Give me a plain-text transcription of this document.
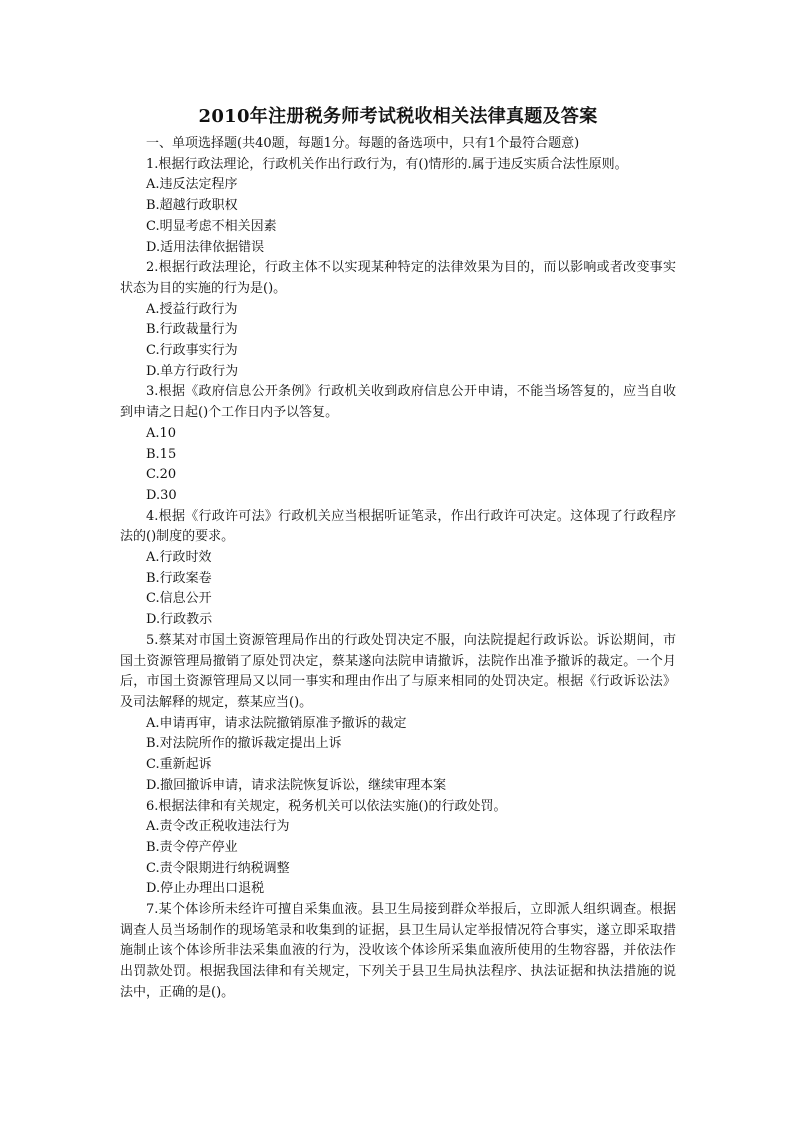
2010年注册税务师考试税收相关法律真题及答案

一、单项选择题(共40题，每题1分。每题的备选项中，只有1个最符合题意)

1.根据行政法理论，行政机关作出行政行为，有()情形的.属于违反实质合法性原则。

A.违反法定程序

B.超越行政职权

C.明显考虑不相关因素

D.适用法律依据错误

2.根据行政法理论，行政主体不以实现某种特定的法律效果为目的，而以影响或者改变事实状态为目的实施的行为是()。

A.授益行政行为

B.行政裁量行为

C.行政事实行为

D.单方行政行为

3.根据《政府信息公开条例》行政机关收到政府信息公开申请，不能当场答复的，应当自收到申请之日起()个工作日内予以答复。

A.10

B.15

C.20

D.30

4.根据《行政许可法》行政机关应当根据听证笔录，作出行政许可决定。这体现了行政程序法的()制度的要求。

A.行政时效

B.行政案卷

C.信息公开

D.行政教示

5.蔡某对市国土资源管理局作出的行政处罚决定不服，向法院提起行政诉讼。诉讼期间，市国土资源管理局撤销了原处罚决定，蔡某遂向法院申请撤诉，法院作出准予撤诉的裁定。一个月后，市国土资源管理局又以同一事实和理由作出了与原来相同的处罚决定。根据《行政诉讼法》及司法解释的规定，蔡某应当()。

A.申请再审，请求法院撤销原准予撤诉的裁定

B.对法院所作的撤诉裁定提出上诉

C.重新起诉

D.撤回撤诉申请，请求法院恢复诉讼，继续审理本案

6.根据法律和有关规定，税务机关可以依法实施()的行政处罚。

A.责令改正税收违法行为

B.责令停产停业

C.责令限期进行纳税调整

D.停止办理出口退税

7.某个体诊所未经许可擅自采集血液。县卫生局接到群众举报后，立即派人组织调查。根据调查人员当场制作的现场笔录和收集到的证据，县卫生局认定举报情况符合事实，遂立即采取措施制止该个体诊所非法采集血液的行为，没收该个体诊所采集血液所使用的生物容器，并依法作出罚款处罚。根据我国法律和有关规定，下列关于县卫生局执法程序、执法证据和执法措施的说法中，正确的是()。
